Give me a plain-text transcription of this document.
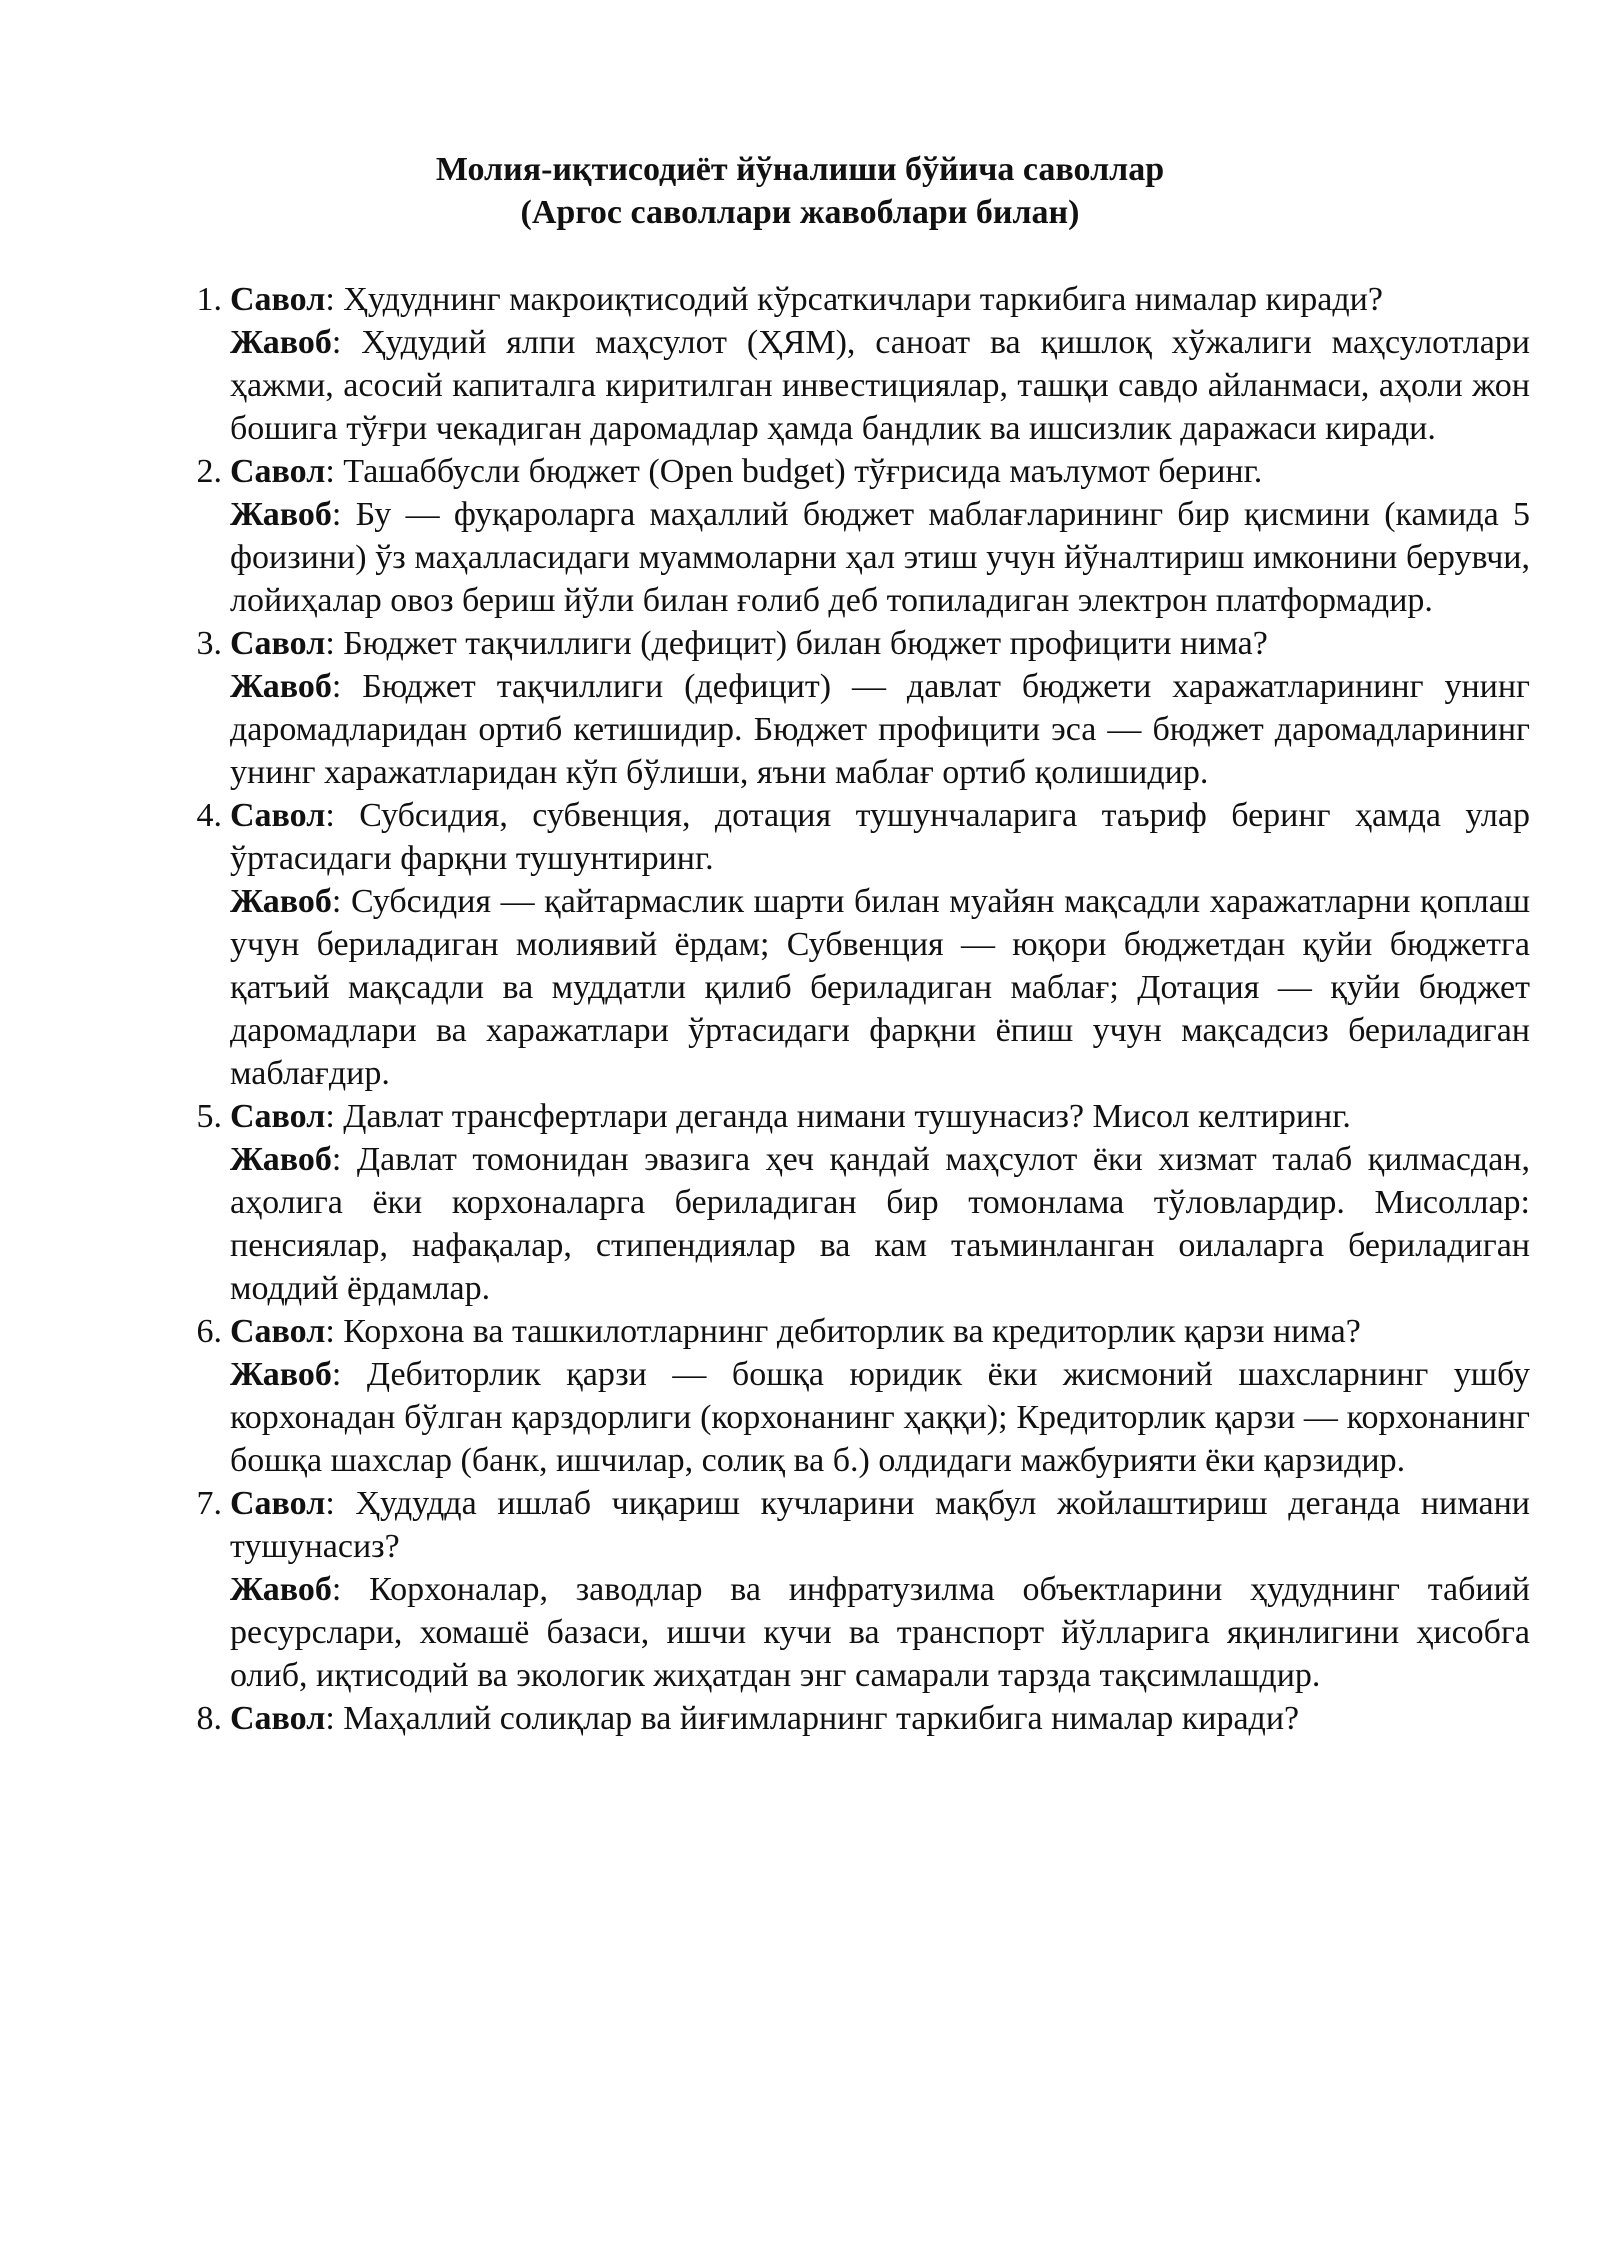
Молия-иқтисодиёт йўналиши бўйича саволлар
(Аргос саволлари жавоблари билан)
1. Савол: Ҳудуднинг макроиқтисодий кўрсаткичлари таркибига нималар киради?

Жавоб: Ҳудудий ялпи маҳсулот (ҲЯМ), саноат ва қишлоқ хўжалиги маҳсулотлари ҳажми, асосий капиталга киритилган инвестициялар, ташқи савдо айланмаси, аҳоли жон бошига тўғри чекадиган даромадлар ҳамда бандлик ва ишсизлик даражаси киради.

2. Савол: Ташаббусли бюджет (Open budget) тўғрисида маълумот беринг.

Жавоб: Бу — фуқароларга маҳаллий бюджет маблағларининг бир қисмини (камида 5 фоизини) ўз маҳалласидаги муаммоларни ҳал этиш учун йўналтириш имконини берувчи, лойиҳалар овоз бериш йўли билан ғолиб деб топиладиган электрон платформадир.

3. Савол: Бюджет тақчиллиги (дефицит) билан бюджет профицити нима?

Жавоб: Бюджет тақчиллиги (дефицит) — давлат бюджети харажатларининг унинг даромадларидан ортиб кетишидир. Бюджет профицити эса — бюджет даромадларининг унинг харажатларидан кўп бўлиши, яъни маблағ ортиб қолишидир.

4. Савол: Субсидия, субвенция, дотация тушунчаларига таъриф беринг ҳамда улар ўртасидаги фарқни тушунтиринг.

Жавоб: Субсидия — қайтармаслик шарти билан муайян мақсадли харажатларни қоплаш учун бериладиган молиявий ёрдам; Субвенция — юқори бюджетдан қуйи бюджетга қатъий мақсадли ва муддатли қилиб бериладиган маблағ; Дотация — қуйи бюджет даромадлари ва харажатлари ўртасидаги фарқни ёпиш учун мақсадсиз бериладиган маблағдир.

5. Савол: Давлат трансфертлари деганда нимани тушунасиз? Мисол келтиринг.

Жавоб: Давлат томонидан эвазига ҳеч қандай маҳсулот ёки хизмат талаб қилмасдан, аҳолига ёки корхоналарга бериладиган бир томонлама тўловлардир. Мисоллар: пенсиялар, нафақалар, стипендиялар ва кам таъминланган оилаларга бериладиган моддий ёрдамлар.

6. Савол: Корхона ва ташкилотларнинг дебиторлик ва кредиторлик қарзи нима?

Жавоб: Дебиторлик қарзи — бошқа юридик ёки жисмоний шахсларнинг ушбу корхонадан бўлган қарздорлиги (корхонанинг ҳаққи); Кредиторлик қарзи — корхонанинг бошқа шахслар (банк, ишчилар, солиқ ва б.) олдидаги мажбурияти ёки қарзидир.

7. Савол: Ҳудудда ишлаб чиқариш кучларини мақбул жойлаштириш деганда нимани тушунасиз?

Жавоб: Корхоналар, заводлар ва инфратузилма объектларини ҳудуднинг табиий ресурслари, хомашё базаси, ишчи кучи ва транспорт йўлларига яқинлигини ҳисобга олиб, иқтисодий ва экологик жиҳатдан энг самарали тарзда тақсимлашдир.

8. Савол: Маҳаллий солиқлар ва йиғимларнинг таркибига нималар киради?
